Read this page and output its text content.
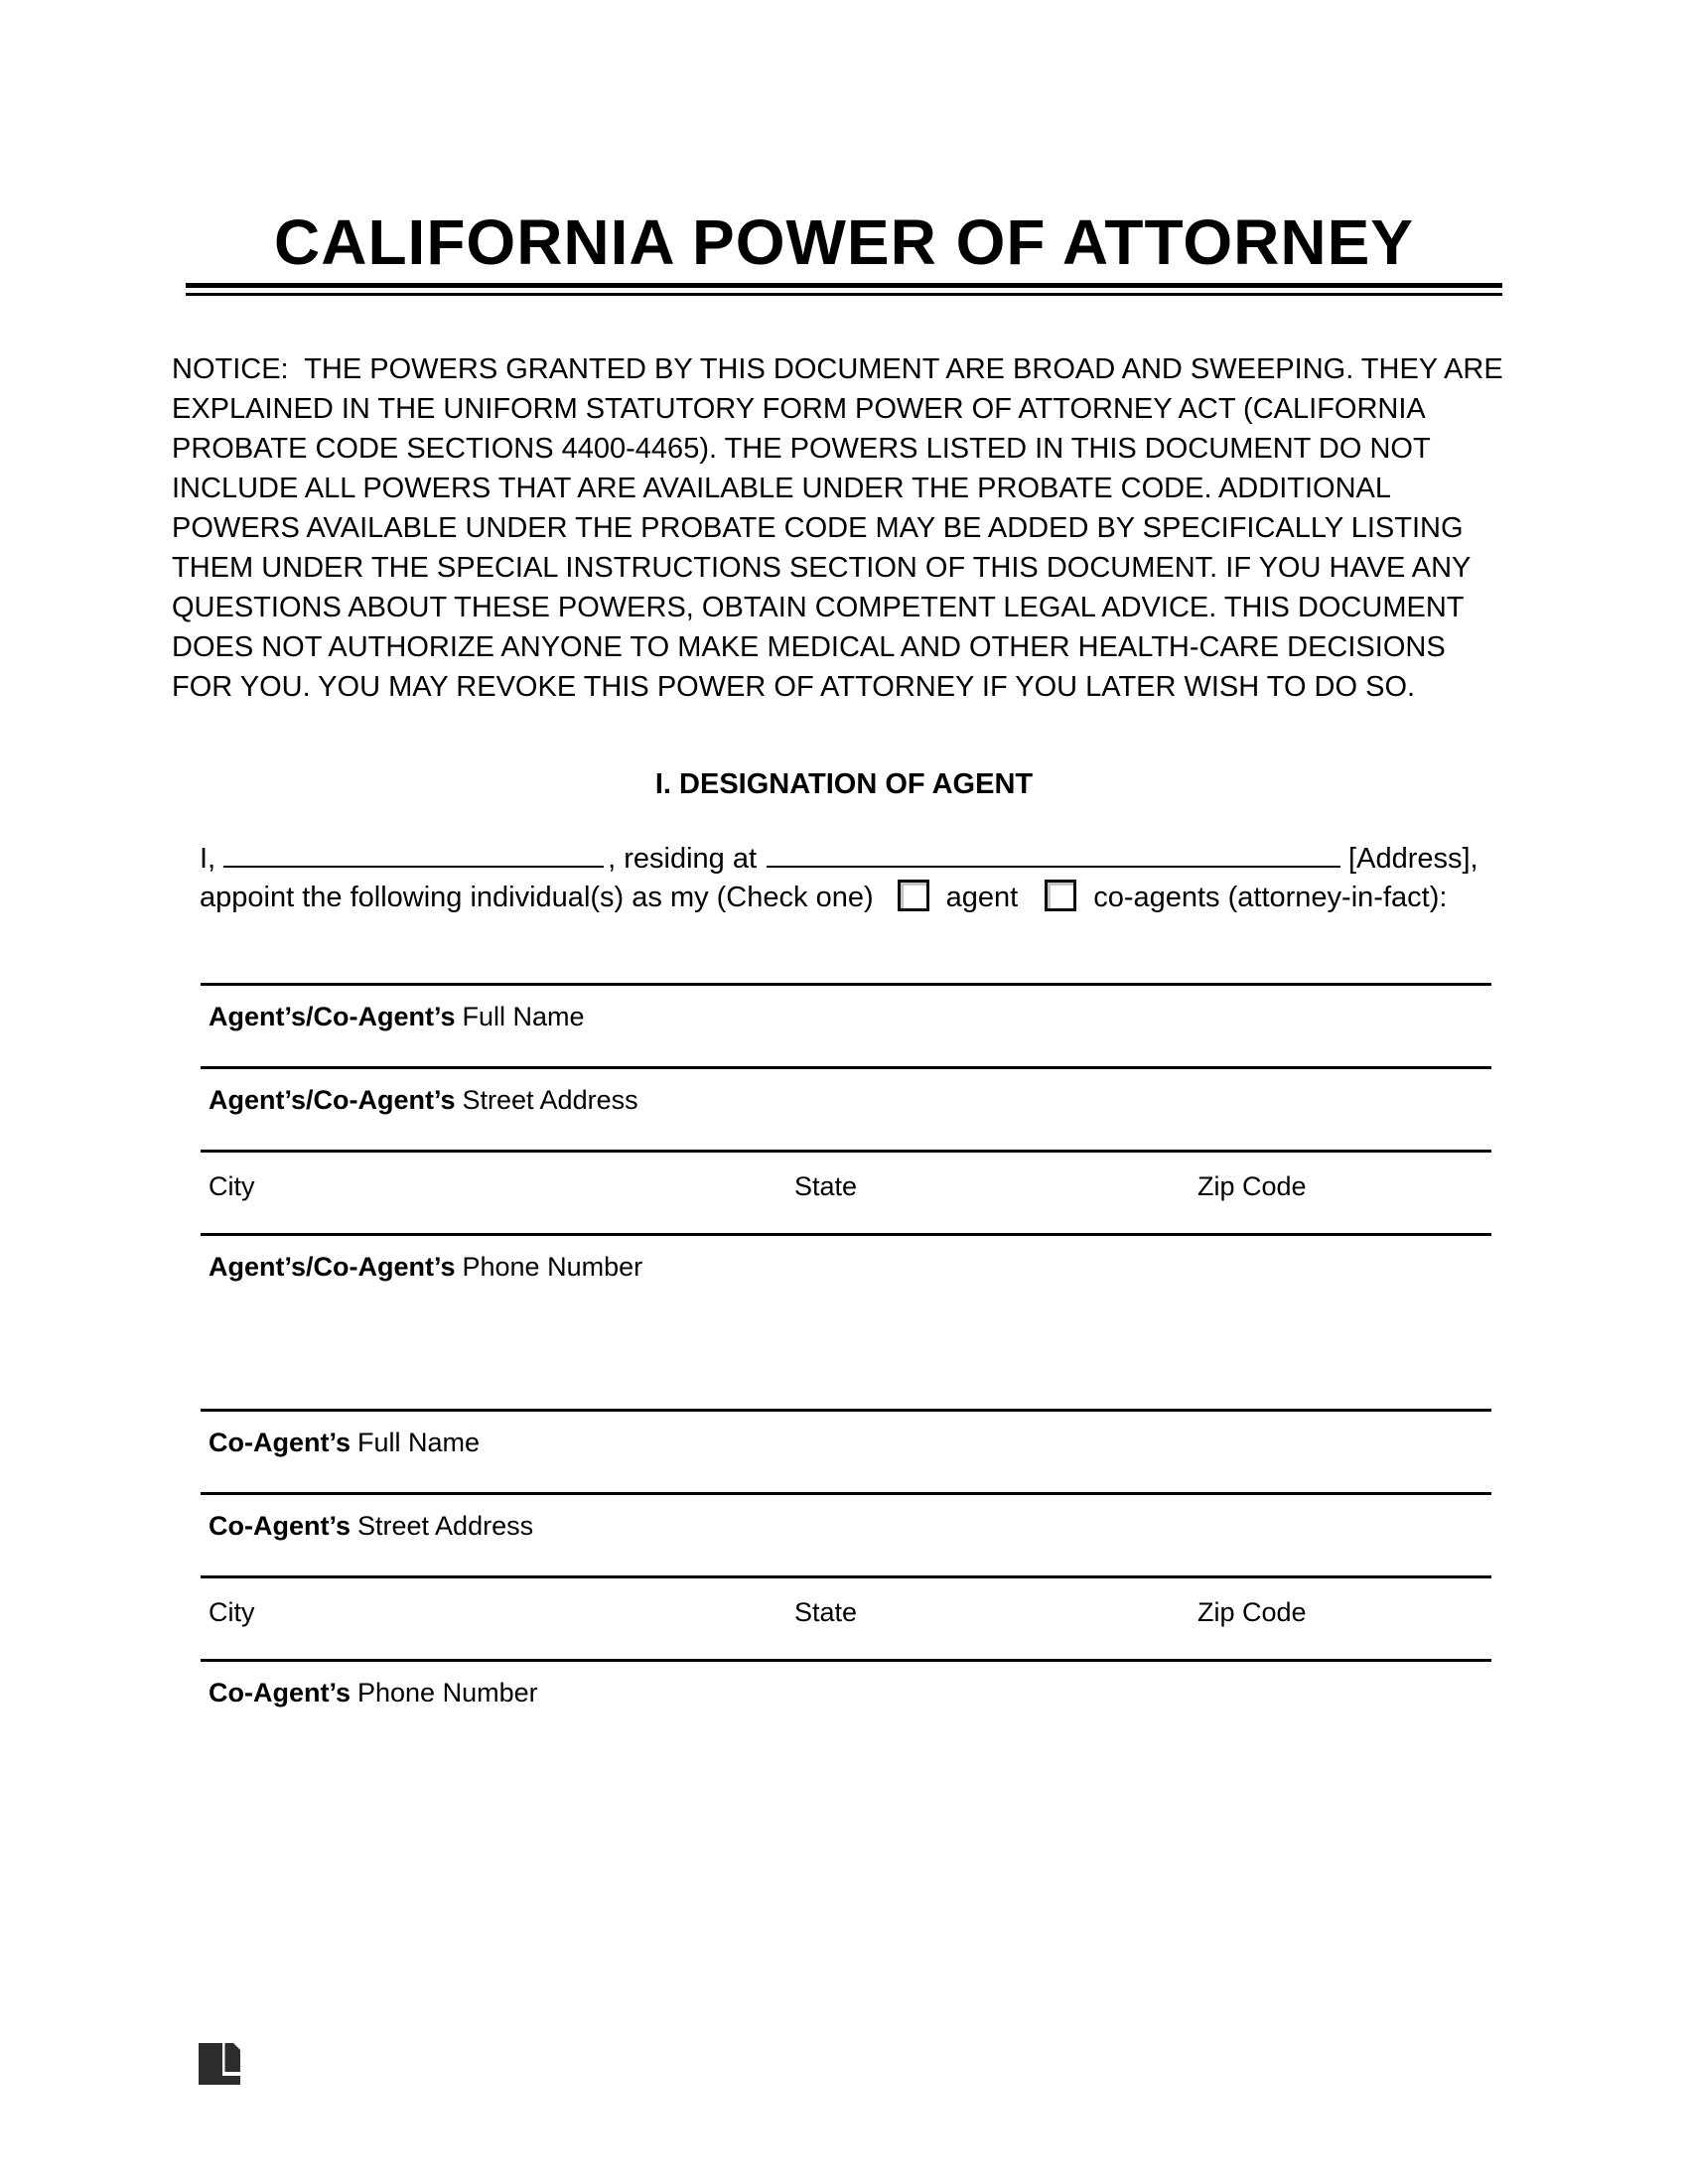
CALIFORNIA POWER OF ATTORNEY
NOTICE:  THE POWERS GRANTED BY THIS DOCUMENT ARE BROAD AND SWEEPING. THEY ARE
EXPLAINED IN THE UNIFORM STATUTORY FORM POWER OF ATTORNEY ACT (CALIFORNIA
PROBATE CODE SECTIONS 4400-4465). THE POWERS LISTED IN THIS DOCUMENT DO NOT
INCLUDE ALL POWERS THAT ARE AVAILABLE UNDER THE PROBATE CODE. ADDITIONAL
POWERS AVAILABLE UNDER THE PROBATE CODE MAY BE ADDED BY SPECIFICALLY LISTING
THEM UNDER THE SPECIAL INSTRUCTIONS SECTION OF THIS DOCUMENT. IF YOU HAVE ANY
QUESTIONS ABOUT THESE POWERS, OBTAIN COMPETENT LEGAL ADVICE. THIS DOCUMENT
DOES NOT AUTHORIZE ANYONE TO MAKE MEDICAL AND OTHER HEALTH-CARE DECISIONS
FOR YOU. YOU MAY REVOKE THIS POWER OF ATTORNEY IF YOU LATER WISH TO DO SO.
I. DESIGNATION OF AGENT
I,	, residing at	[Address],
appoint the following individual(s) as my (Check one)	agent	co-agents (attorney-in-fact):
Agent’s/Co-Agent’s Full Name
Agent’s/Co-Agent’s Street Address
City	State	Zip Code
Agent’s/Co-Agent’s Phone Number
Co-Agent’s Full Name
Co-Agent’s Street Address
City	State	Zip Code
Co-Agent’s Phone Number
